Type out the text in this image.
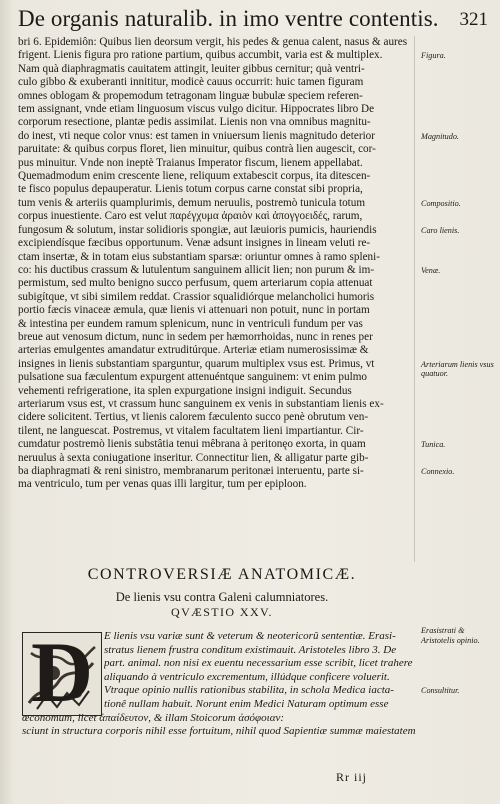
De organis naturalib. in imo ventre contentis. 321
bri 6. Epidemiôn: Quibus lien deorsum vergit, his pedes & genua calent, nasus & aures
frigent. Lienis figura pro ratione partium, quibus accumbit, varia est & multiplex.
Nam quà diaphragmatis cauitatem attingit, leuiter gibbus cernitur; quà ventri-
culo gibbo & exuberanti innititur, modicè cauus occurrit: huic tamen figuram
omnes oblogam & propemodum tetragonam linguæ bubulæ speciem referen-
tem assignant, vnde etiam linguosum viscus vulgo dicitur. Hippocrates libro De
corporum resectione, plantæ pedis assimilat. Lienis non vna omnibus magnitu-
do inest, vti neque color vnus: est tamen in vniuersum lienis magnitudo deterior
paruitate: & quibus corpus floret, lien minuitur, quibus contrà lien augescit, cor-
pus minuitur. Vnde non ineptè Traianus Imperator fiscum, lienem appellabat.
Quemadmodum enim crescente liene, reliquum extabescit corpus, ita ditescen-
te fisco populus depauperatur. Lienis totum corpus carne constat sibi propria,
tum venis & arteriis quamplurimis, demum neruulis, postremò tunicula totum
corpus inuestiente. Caro est velut παρέγχυμα ἀραιὸν καὶ ἀπογγοειδές, rarum,
fungosum & solutum, instar solidioris spongiæ, aut læuioris pumicis, hauriendis
excipiendísque fæcibus opportunum. Venæ adsunt insignes in lineam veluti re-
ctam insertæ, & in totam eius substantiam sparsæ: oriuntur omnes à ramo spleni-
co: his ductibus crassum & lutulentum sanguinem allicit lien; non purum & im-
permistum, sed multo benigno succo perfusum, quem arteriarum copia attenuat
subigítque, vt sibi similem reddat. Crassior squalidiórque melancholici humoris
portio fæcis vinaceæ æmula, quæ lienis vi attenuari non potuit, nunc in portam
& intestina per eundem ramum splenicum, nunc in ventriculi fundum per vas
breue aut venosum dictum, nunc in sedem per hæmorrhoidas, nunc in renes per
arterias emulgentes amandatur extruditúrque. Arteriæ etiam numerosissimæ &
insignes in lienis substantiam sparguntur, quarum multiplex vsus est. Primus, vt
pulsatione sua fæculentum expurgent attenuéntque sanguinem: vt enim pulmo
vehementi refrigeratione, ita splen expurgatione insigni indiguit. Secundus
arteriarum vsus est, vt crassum hunc sanguinem ex venis in substantiam lienis ex-
cidere solicitent. Tertius, vt lienis calorem fæculento succo penè obrutum ven-
tilent, ne languescat. Postremus, vt vitalem facultatem lieni impartiantur. Cir-
cumdatur postremò lienis substâtia tenui mêbrana à peritonęo exorta, in quam
neruulus à sexta coniugatione inseritur. Connectitur lien, & alligatur parte gib-
ba diaphragmati & reni sinistro, membranarum peritonæi interuentu, parte si-
ma ventriculo, tum per venas quas illi largitur, tum per epiploon.
Figura.
Magnitudo.
Compositio.
Caro lienis.
Venæ.
Arteriarum lienis vsus quatuor.
Tunica.
Connexio.
CONTROVERSIÆ ANATOMICÆ.
De lienis vsu contra Galeni calumniatores.
QVÆSTIO XXV.
D E lienis vsu variæ sunt & veterum & neotericorû sententiæ. Erasi-
stratus lienem frustra conditum existimauit. Aristoteles libro 3. De
part. animal. non nisi ex euentu necessarium esse scribit, licet trahere
aliquando à ventriculo excrementum, illúdque conficere voluerit.
Vtraque opinio nullis rationibus stabilita, in schola Medica iacta-
tionê nullam habuit. Norunt enim Medici Naturam optimum esse
œconomum, licet ἀπαίδευτον, & illam Stoicorum ἀσόφοιαν:
sciunt in structura corporis nihil esse fortuitum, nihil quod Sapientiæ summæ maiestatem
Erasistrati & Aristotelis opinio.
Consultitur.
Rr iij
